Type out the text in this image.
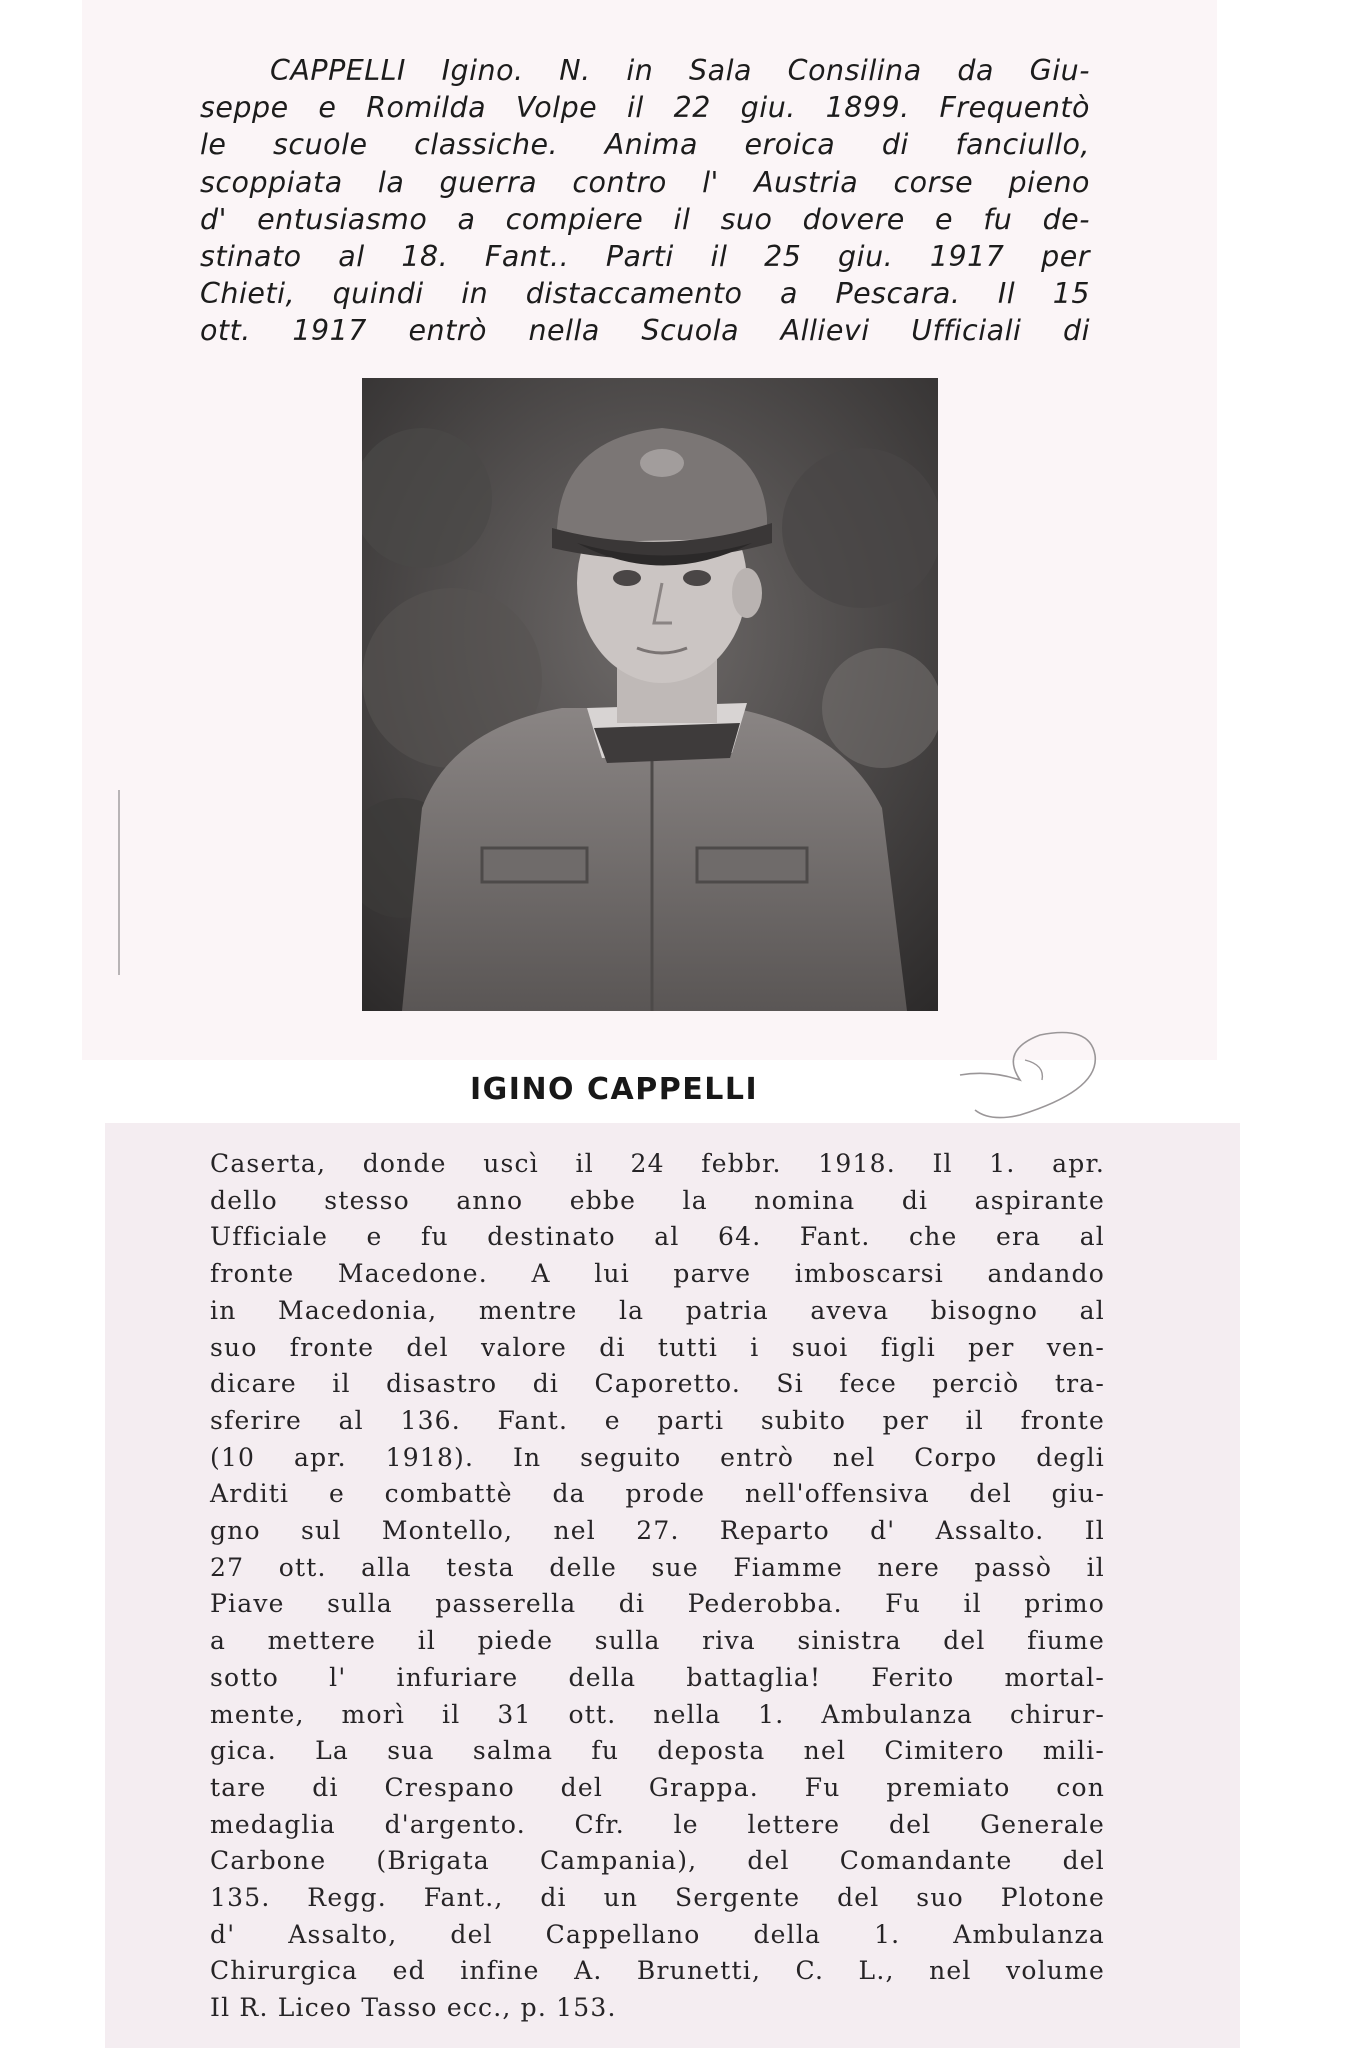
CAPPELLI Igino. N. in Sala Consilina da Giu-
seppe e Romilda Volpe il 22 giu. 1899. Frequentò
le scuole classiche. Anima eroica di fanciullo,
scoppiata la guerra contro l' Austria corse pieno
d' entusiasmo a compiere il suo dovere e fu de-
stinato al 18. Fant.. Parti il 25 giu. 1917 per
Chieti, quindi in distaccamento a Pescara. Il 15
ott. 1917 entrò nella Scuola Allievi Ufficiali di

IGINO CAPPELLI

Caserta, donde uscì il 24 febbr. 1918. Il 1. apr.
dello stesso anno ebbe la nomina di aspirante
Ufficiale e fu destinato al 64. Fant. che era al
fronte Macedone. A lui parve imboscarsi andando
in Macedonia, mentre la patria aveva bisogno al
suo fronte del valore di tutti i suoi figli per ven-
dicare il disastro di Caporetto. Si fece perciò tra-
sferire al 136. Fant. e parti subito per il fronte
(10 apr. 1918). In seguito entrò nel Corpo degli
Arditi e combattè da prode nell'offensiva del giu-
gno sul Montello, nel 27. Reparto d' Assalto. Il
27 ott. alla testa delle sue Fiamme nere passò il
Piave sulla passerella di Pederobba. Fu il primo
a mettere il piede sulla riva sinistra del fiume
sotto l' infuriare della battaglia! Ferito mortal-
mente, morì il 31 ott. nella 1. Ambulanza chirur-
gica. La sua salma fu deposta nel Cimitero mili-
tare di Crespano del Grappa. Fu premiato con
medaglia d'argento. Cfr. le lettere del Generale
Carbone (Brigata Campania), del Comandante del
135. Regg. Fant., di un Sergente del suo Plotone
d' Assalto, del Cappellano della 1. Ambulanza
Chirurgica ed infine A. Brunetti, C. L., nel volume
Il R. Liceo Tasso ecc., p. 153.
